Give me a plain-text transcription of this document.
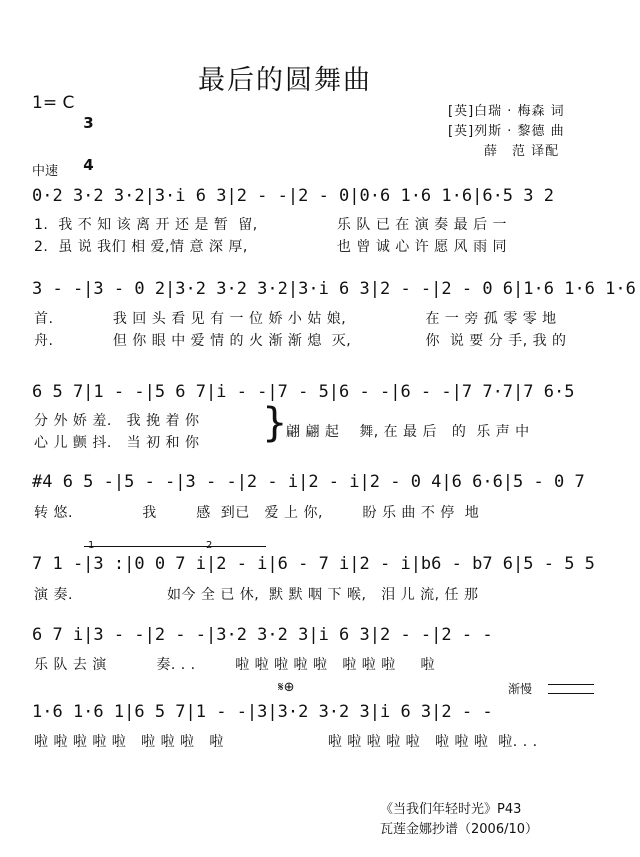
最后的圆舞曲
1= C

3

4

[英]白瑞 · 梅森 词
[英]列斯 · 黎德 曲
薛　范 译配
中速
0·2 3·2 3·2|3·i 6 3|2 - -|2 - 0|0·6 1·6 1·6|6·5 3 2
1.  我 不 知 该 离 开 还 是 暂  留,                乐 队 已 在 演 奏 最 后 一
2.  虽 说 我们 相 爱,情 意 深 厚,                  也 曾 诚 心 许 愿 风 雨 同
3 - -|3 - 0 2|3·2 3·2 3·2|3·i 6 3|2 - -|2 - 0 6|1·6 1·6 1·6
首.            我 回 头 看 见 有 一 位 娇 小 姑 娘,                在 一 旁 孤 零 零 地
舟.            但 你 眼 中 爱 情 的 火 渐 渐 熄  灭,               你  说 要 分 手, 我 的
6 5 7|1 - -|5 6 7|i - -|7 - 5|6 - -|6 - -|7 7·7|7 6·5
分 外 娇 羞.   我 挽 着 你
心 儿 颤 抖.   当 初 和 你 }
翩 翩 起    舞, 在 最 后   的  乐 声 中
#4 6 5 -|5 - -|3 - -|2 - i|2 - i|2 - 0 4|6 6·6|5 - 0 7
转 悠.              我        感  到已   爱 上 你,        盼 乐 曲 不 停  地
1	2
7 1 -|3 :|0 0 7 i|2 - i|6 - 7 i|2 - i|b6 - b7 6|5 - 5 5
演 奏.                   如今 全 已 休,  默 默 咽 下 喉,   泪 儿 流, 任 那
6 7 i|3 - -|2 - -|3·2 3·2 3|i 6 3|2 - -|2 - -
乐 队 去 演          奏. . .        啦 啦 啦 啦 啦   啦 啦 啦     啦
𝄋⊕	渐慢
1·6 1·6 1|6 5 7|1 - -|3|3·2 3·2 3|i 6 3|2 - -
啦 啦 啦 啦 啦   啦 啦 啦   啦                     啦 啦 啦 啦 啦   啦 啦 啦  啦. . .
《当我们年轻时光》P43
瓦莲金娜抄谱（2006/10）
